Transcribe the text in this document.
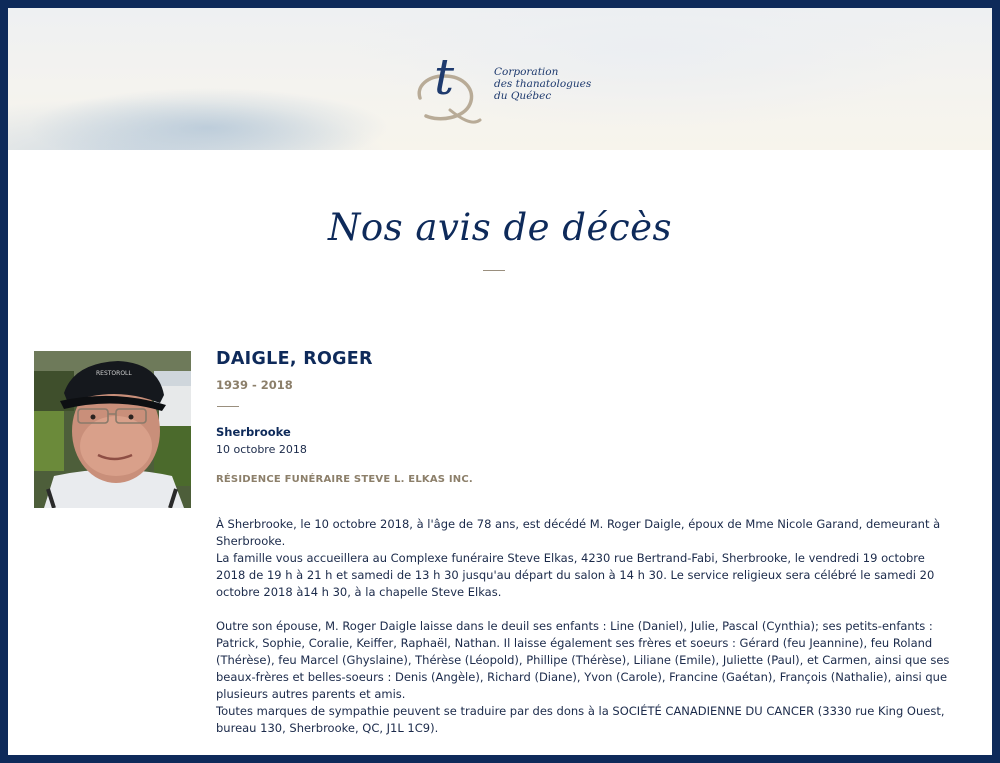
t	Corporation
des thanatologues
du Québec
Nos avis de décès
RESTOROLL
DAIGLE, ROGER
1939 - 2018
Sherbrooke
10 octobre 2018
RÉSIDENCE FUNÉRAIRE STEVE L. ELKAS INC.
À Sherbrooke, le 10 octobre 2018, à l'âge de 78 ans, est décédé M. Roger Daigle, époux de Mme Nicole Garand, demeurant à Sherbrooke.
La famille vous accueillera au Complexe funéraire Steve Elkas, 4230 rue Bertrand-Fabi, Sherbrooke, le vendredi 19 octobre 2018 de 19 h à 21 h et samedi de 13 h 30 jusqu'au départ du salon à 14 h 30. Le service religieux sera célébré le samedi 20 octobre 2018 à14 h 30, à la chapelle Steve Elkas.
Outre son épouse, M. Roger Daigle laisse dans le deuil ses enfants : Line (Daniel), Julie, Pascal (Cynthia); ses petits-enfants : Patrick, Sophie, Coralie, Keiffer, Raphaël, Nathan. Il laisse également ses frères et soeurs : Gérard (feu Jeannine), feu Roland (Thérèse), feu Marcel (Ghyslaine), Thérèse (Léopold), Phillipe (Thérèse), Liliane (Emile), Juliette (Paul), et Carmen, ainsi que ses beaux-frères et belles-soeurs : Denis (Angèle), Richard (Diane), Yvon (Carole), Francine (Gaétan), François (Nathalie), ainsi que plusieurs autres parents et amis.
Toutes marques de sympathie peuvent se traduire par des dons à la SOCIÉTÉ CANADIENNE DU CANCER (3330 rue King Ouest, bureau 130, Sherbrooke, QC, J1L 1C9).
